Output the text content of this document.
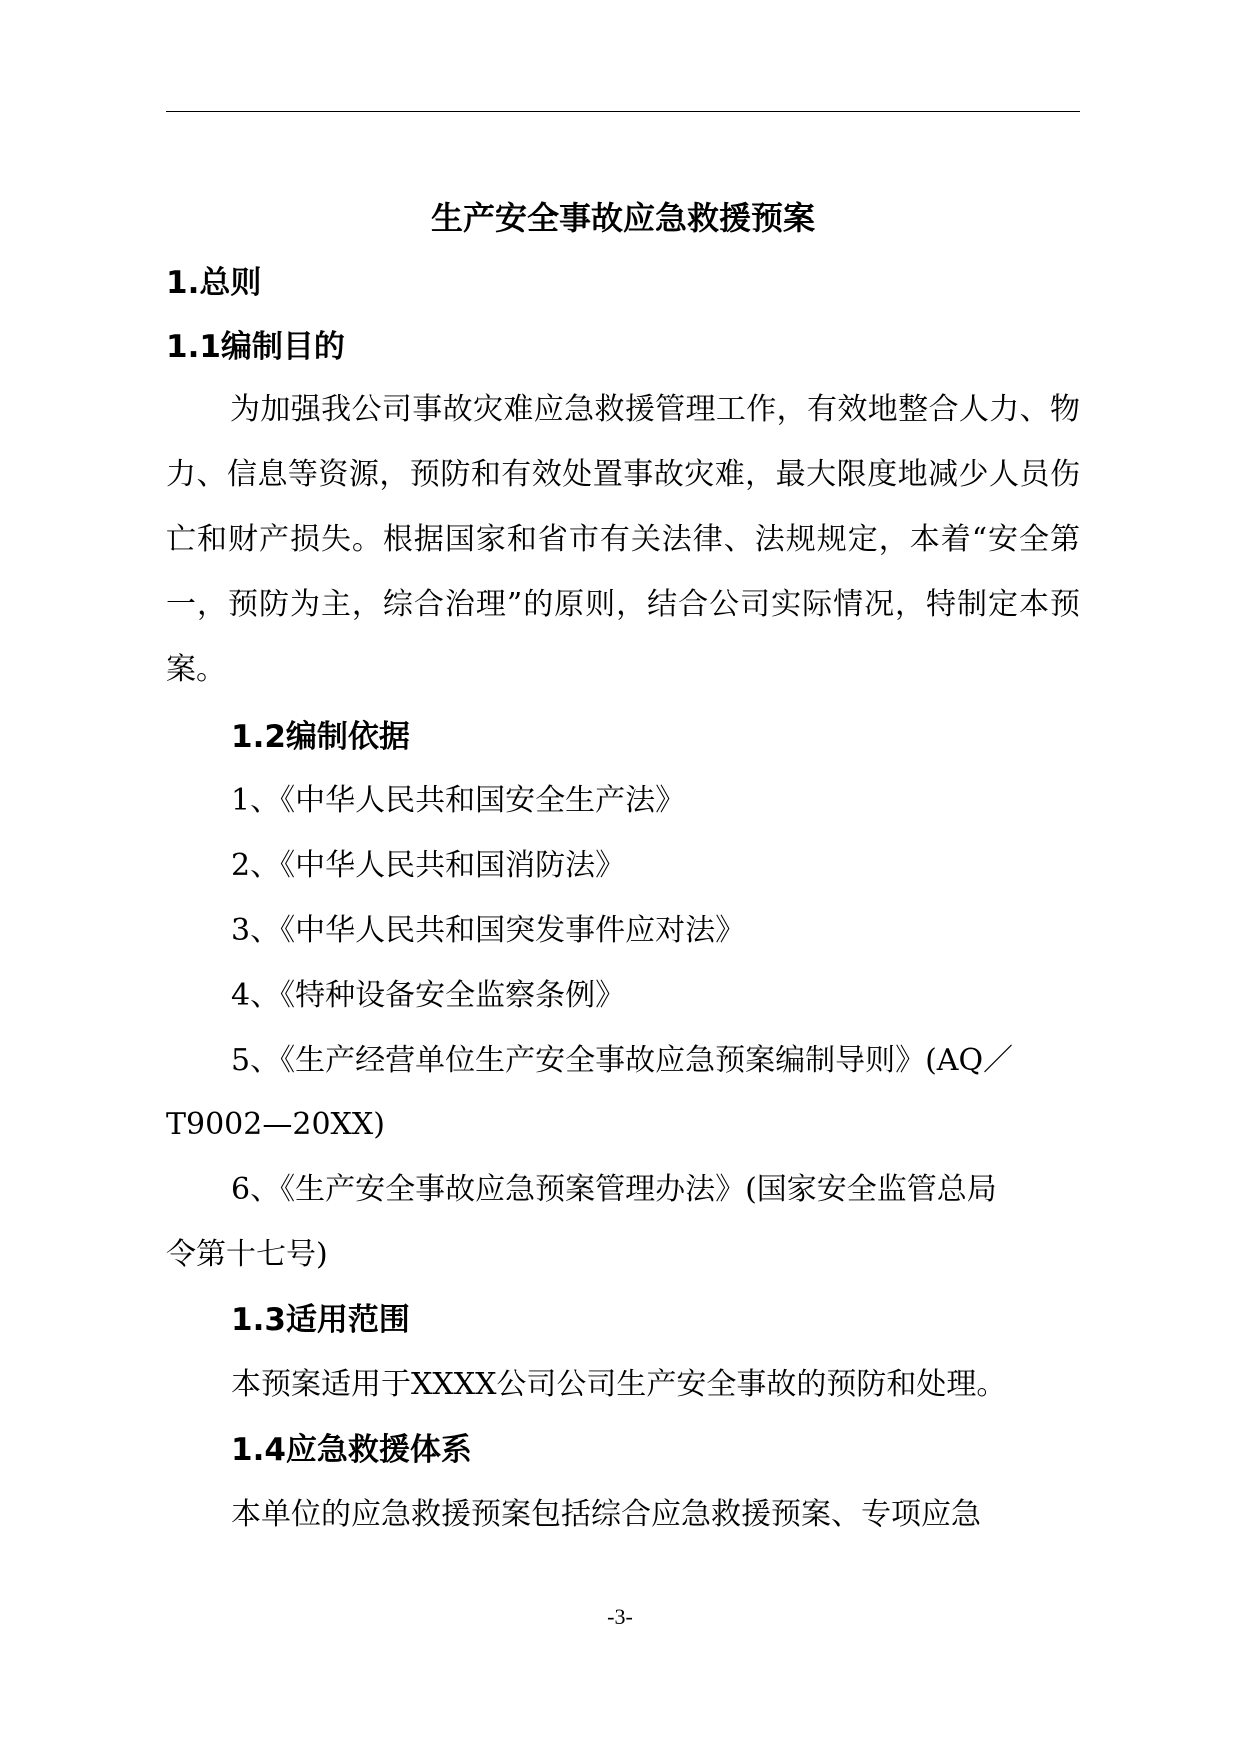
生产安全事故应急救援预案
1.总则
1.1编制目的

为加强我公司事故灾难应急救援管理工作，有效地整合人力、物力、信息等资源，预防和有效处置事故灾难，最大限度地减少人员伤亡和财产损失。根据国家和省市有关法律、法规规定，本着“安全第一，预防为主，综合治理”的原则，结合公司实际情况，特制定本预案。

1.2编制依据

1、《中华人民共和国安全生产法》

2、《中华人民共和国消防法》

3、《中华人民共和国突发事件应对法》

4、《特种设备安全监察条例》

5、《生产经营单位生产安全事故应急预案编制导则》(AQ／

T9002—20XX)

6、《生产安全事故应急预案管理办法》(国家安全监管总局

令第十七号)

1.3适用范围

本预案适用于XXXX公司公司生产安全事故的预防和处理。

1.4应急救援体系

本单位的应急救援预案包括综合应急救援预案、专项应急

-3-
